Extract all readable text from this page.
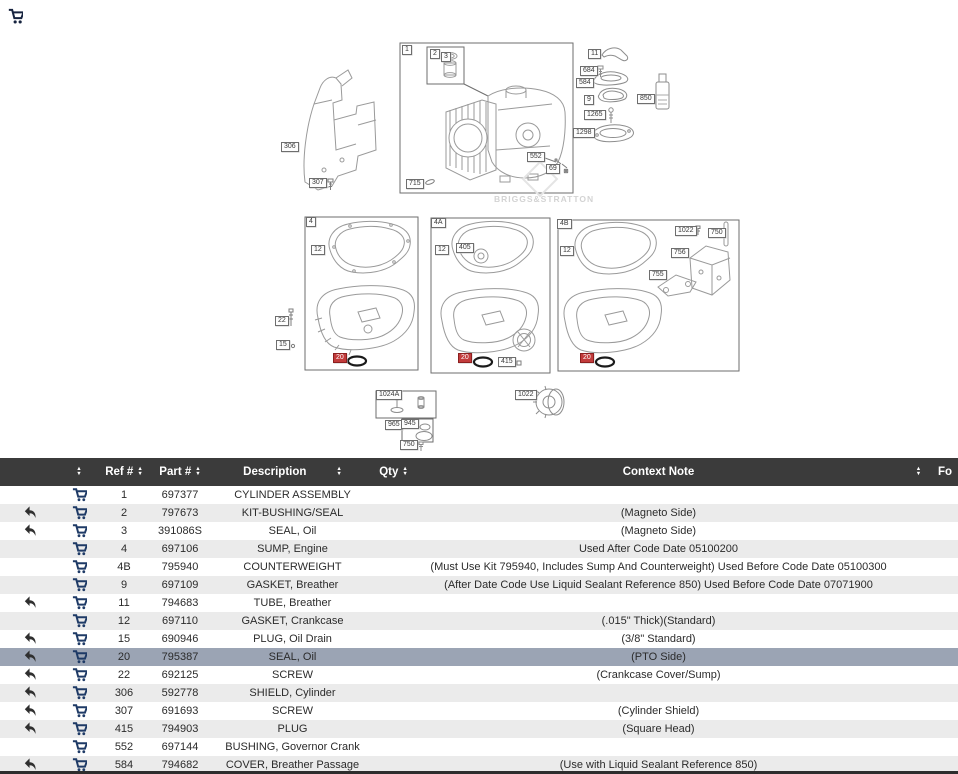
BRIGGS&STRATTON
306
307
1
2	3
715
552
69
11
684
584
9	850
1265
1298
4
12
22
15
20
4A
12	405
20
415
4B
12
1022	750
756
755
20
1024A
965 945
750
1022
▲
▼ Ref # ▲
▼ Part # ▲
▼	Description	▲
▼	Qty ▲
▼	Context Note	▲
▼ Fo
1	697377	CYLINDER ASSEMBLY
2	797673	KIT-BUSHING/SEAL	(Magneto Side)
3	391086S	SEAL, Oil	(Magneto Side)
4	697106	SUMP, Engine	Used After Code Date 05100200
4B	795940	COUNTERWEIGHT	(Must Use Kit 795940, Includes Sump And Counterweight) Used Before Code Date 05100300
9	697109	GASKET, Breather	(After Date Code Use Liquid Sealant Reference 850) Used Before Code Date 07071900
11	794683	TUBE, Breather
12	697110	GASKET, Crankcase	(.015" Thick)(Standard)
15	690946	PLUG, Oil Drain	(3/8" Standard)
20	795387	SEAL, Oil	(PTO Side)
22	692125	SCREW	(Crankcase Cover/Sump)
306	592778	SHIELD, Cylinder
307	691693	SCREW	(Cylinder Shield)
415	794903	PLUG	(Square Head)
552	697144	BUSHING, Governor Crank
584	794682	COVER, Breather Passage	(Use with Liquid Sealant Reference 850)
